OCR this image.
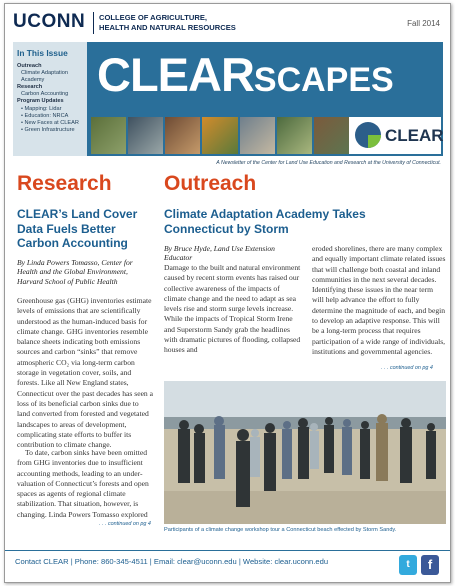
UCONN COLLEGE OF AGRICULTURE,
HEALTH AND NATURAL RESOURCES	Fall 2014
In This Issue
Outreach
Climate Adaptation
Academy
Research
Carbon Accounting
Program Updates
• Mapping: Lidar
• Education: NRCA
• New Faces at CLEAR
• Green Infrastructure
CLEARSCAPES
CLEAR
A Newsletter of the Center for Land Use Education and Research at the University of Connecticut.
Research
CLEAR’s Land Cover Data Fuels Better Carbon Accounting
By Linda Powers Tomasso, Center for Health and the Global Environment, Harvard School of Public Health
Greenhouse gas (GHG) inventories estimate levels of emissions that are scientifically understood as the human-induced basis for climate change. GHG inventories resemble balance sheets indicating both emissions sources and carbon “sinks” that remove atmospheric CO₂ via long-term carbon storage in vegetation cover, soils, and forests. Like all New England states, Connecticut over the past decades has seen a loss of its beneficial carbon sinks due to land converted from forested and vegetated landscapes to areas of development, complicating state efforts to buffer its contribution to climate change.
To date, carbon sinks have been omitted from GHG inventories due to insufficient accounting methods, leading to an under-valuation of Connecticut’s forests and open spaces as agents of regional climate stabilization. That situation, however, is changing. Linda Powers Tomasso explored
. . . continued on pg 4
Outreach
Climate Adaptation Academy Takes Connecticut by Storm
By Bruce Hyde, Land Use Extension Educator
Damage to the built and natural environment caused by recent storm events has raised our collective awareness of the impacts of climate change and the need to adapt as sea levels rise and storm surge levels increase. While the impacts of Tropical Storm Irene and Superstorm Sandy grab the headlines with dramatic pictures of flooding, collapsed houses and
eroded shorelines, there are many complex and equally important climate related issues that will challenge both coastal and inland communities in the next several decades. Identifying these issues in the near term will help advance the effort to fully determine the magnitude of each, and begin to develop an adaptive response. This will be a long-term process that requires participation of a wide range of individuals, institutions and governmental agencies.
. . . continued on pg 4
Participants of a climate change workshop tour a Connecticut beach effected by Storm Sandy.
Contact CLEAR | Phone: 860-345-4511 | Email: clear@uconn.edu | Website: clear.uconn.edu	t	f
